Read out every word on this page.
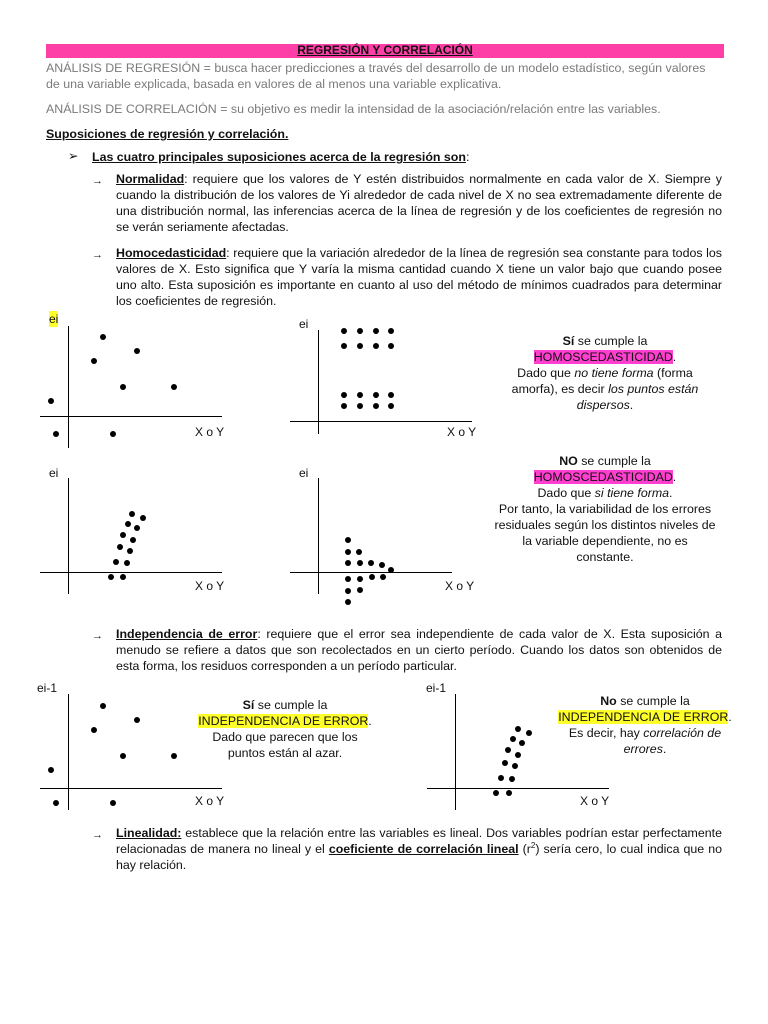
REGRESIÓN Y CORRELACIÓN
ANÁLISIS DE REGRESIÓN = busca hacer predicciones a través del desarrollo de un modelo estadístico, según valores
de una variable explicada, basada en valores de al menos una variable explicativa.
ANÁLISIS DE CORRELACIÓN = su objetivo es medir la intensidad de la asociación/relación entre las variables.
Suposiciones de regresión y correlación.
➢ Las cuatro principales suposiciones acerca de la regresión son:
→ Normalidad: requiere que los valores de Y estén distribuidos normalmente en cada valor de X. Siempre y cuando la distribución de los valores de Yi alrededor de cada nivel de X no sea extremadamente diferente de una distribución normal, las inferencias acerca de la línea de regresión y de los coeficientes de regresión no se verán seriamente afectadas.
→ Homocedasticidad: requiere que la variación alrededor de la línea de regresión sea constante para todos los valores de X. Esto significa que Y varía la misma cantidad cuando X tiene un valor bajo que cuando posee uno alto. Esta suposición es importante en cuanto al uso del método de mínimos cuadrados para determinar los coeficientes de regresión.
ei
X o Y
ei
X o Y
Sí se cumple la
HOMOSCEDASTICIDAD.
Dado que no tiene forma (forma
amorfa), es decir los puntos están
dispersos.
ei
X o Y
ei
X o Y
NO se cumple la
HOMOSCEDASTICIDAD.
Dado que si tiene forma.
Por tanto, la variabilidad de los errores
residuales según los distintos niveles de
la variable dependiente, no es
constante.
→ Independencia de error: requiere que el error sea independiente de cada valor de X. Esta suposición a menudo se refiere a datos que son recolectados en un cierto período. Cuando los datos son obtenidos de esta forma, los residuos corresponden a un período particular.
ei-1
X o Y
Sí se cumple la
INDEPENDENCIA DE ERROR.
Dado que parecen que los
puntos están al azar.
ei-1
X o Y
No se cumple la
INDEPENDENCIA DE ERROR.
Es decir, hay correlación de
errores.
→ Linealidad: establece que la relación entre las variables es lineal. Dos variables podrían estar perfectamente relacionadas de manera no lineal y el coeficiente de correlación lineal $(r^2)$ sería cero, lo cual indica que no hay relación.
